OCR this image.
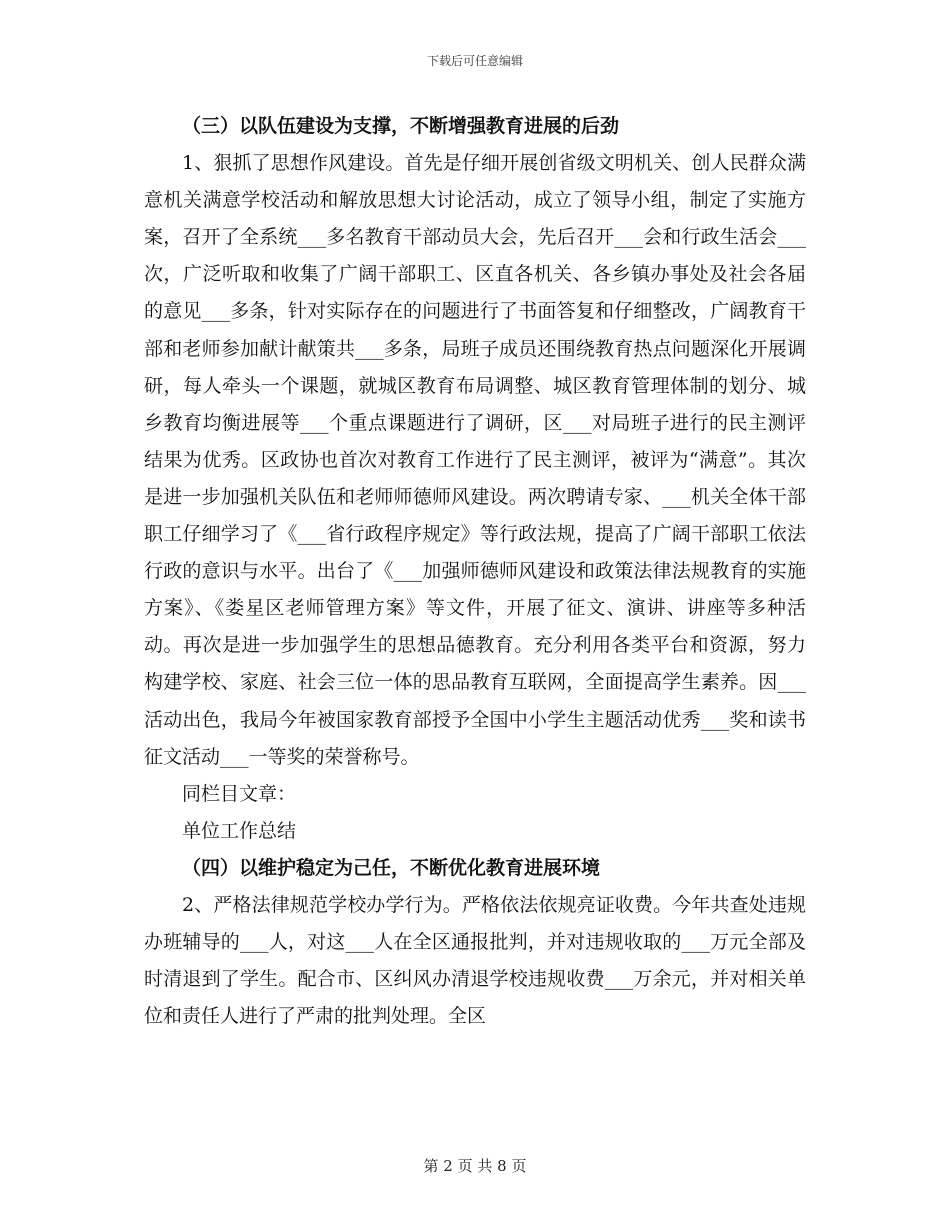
下载后可任意编辑
（三）以队伍建设为支撑，不断增强教育进展的后劲

1、狠抓了思想作风建设。首先是仔细开展创省级文明机关、创人民群众满意机关满意学校活动和解放思想大讨论活动，成立了领导小组，制定了实施方案，召开了全系统___多名教育干部动员大会，先后召开___会和行政生活会___次，广泛听取和收集了广阔干部职工、区直各机关、各乡镇办事处及社会各届的意见___多条，针对实际存在的问题进行了书面答复和仔细整改，广阔教育干部和老师参加献计献策共___多条，局班子成员还围绕教育热点问题深化开展调研，每人牵头一个课题，就城区教育布局调整、城区教育管理体制的划分、城乡教育均衡进展等___个重点课题进行了调研，区___对局班子进行的民主测评结果为优秀。区政协也首次对教育工作进行了民主测评，被评为“满意”。其次是进一步加强机关队伍和老师师德师风建设。两次聘请专家、___机关全体干部职工仔细学习了《___省行政程序规定》等行政法规，提高了广阔干部职工依法行政的意识与水平。出台了《___加强师德师风建设和政策法律法规教育的实施方案》、《娄星区老师管理方案》等文件，开展了征文、演讲、讲座等多种活动。再次是进一步加强学生的思想品德教育。充分利用各类平台和资源，努力构建学校、家庭、社会三位一体的思品教育互联网，全面提高学生素养。因___活动出色，我局今年被国家教育部授予全国中小学生主题活动优秀___奖和读书征文活动___一等奖的荣誉称号。

同栏目文章：
单位工作总结
（四）以维护稳定为己任，不断优化教育进展环境

2、严格法律规范学校办学行为。严格依法依规亮证收费。今年共查处违规办班辅导的___人，对这___人在全区通报批判，并对违规收取的___万元全部及时清退到了学生。配合市、区纠风办清退学校违规收费___万余元，并对相关单位和责任人进行了严肃的批判处理。全区

第 2 页 共 8 页
